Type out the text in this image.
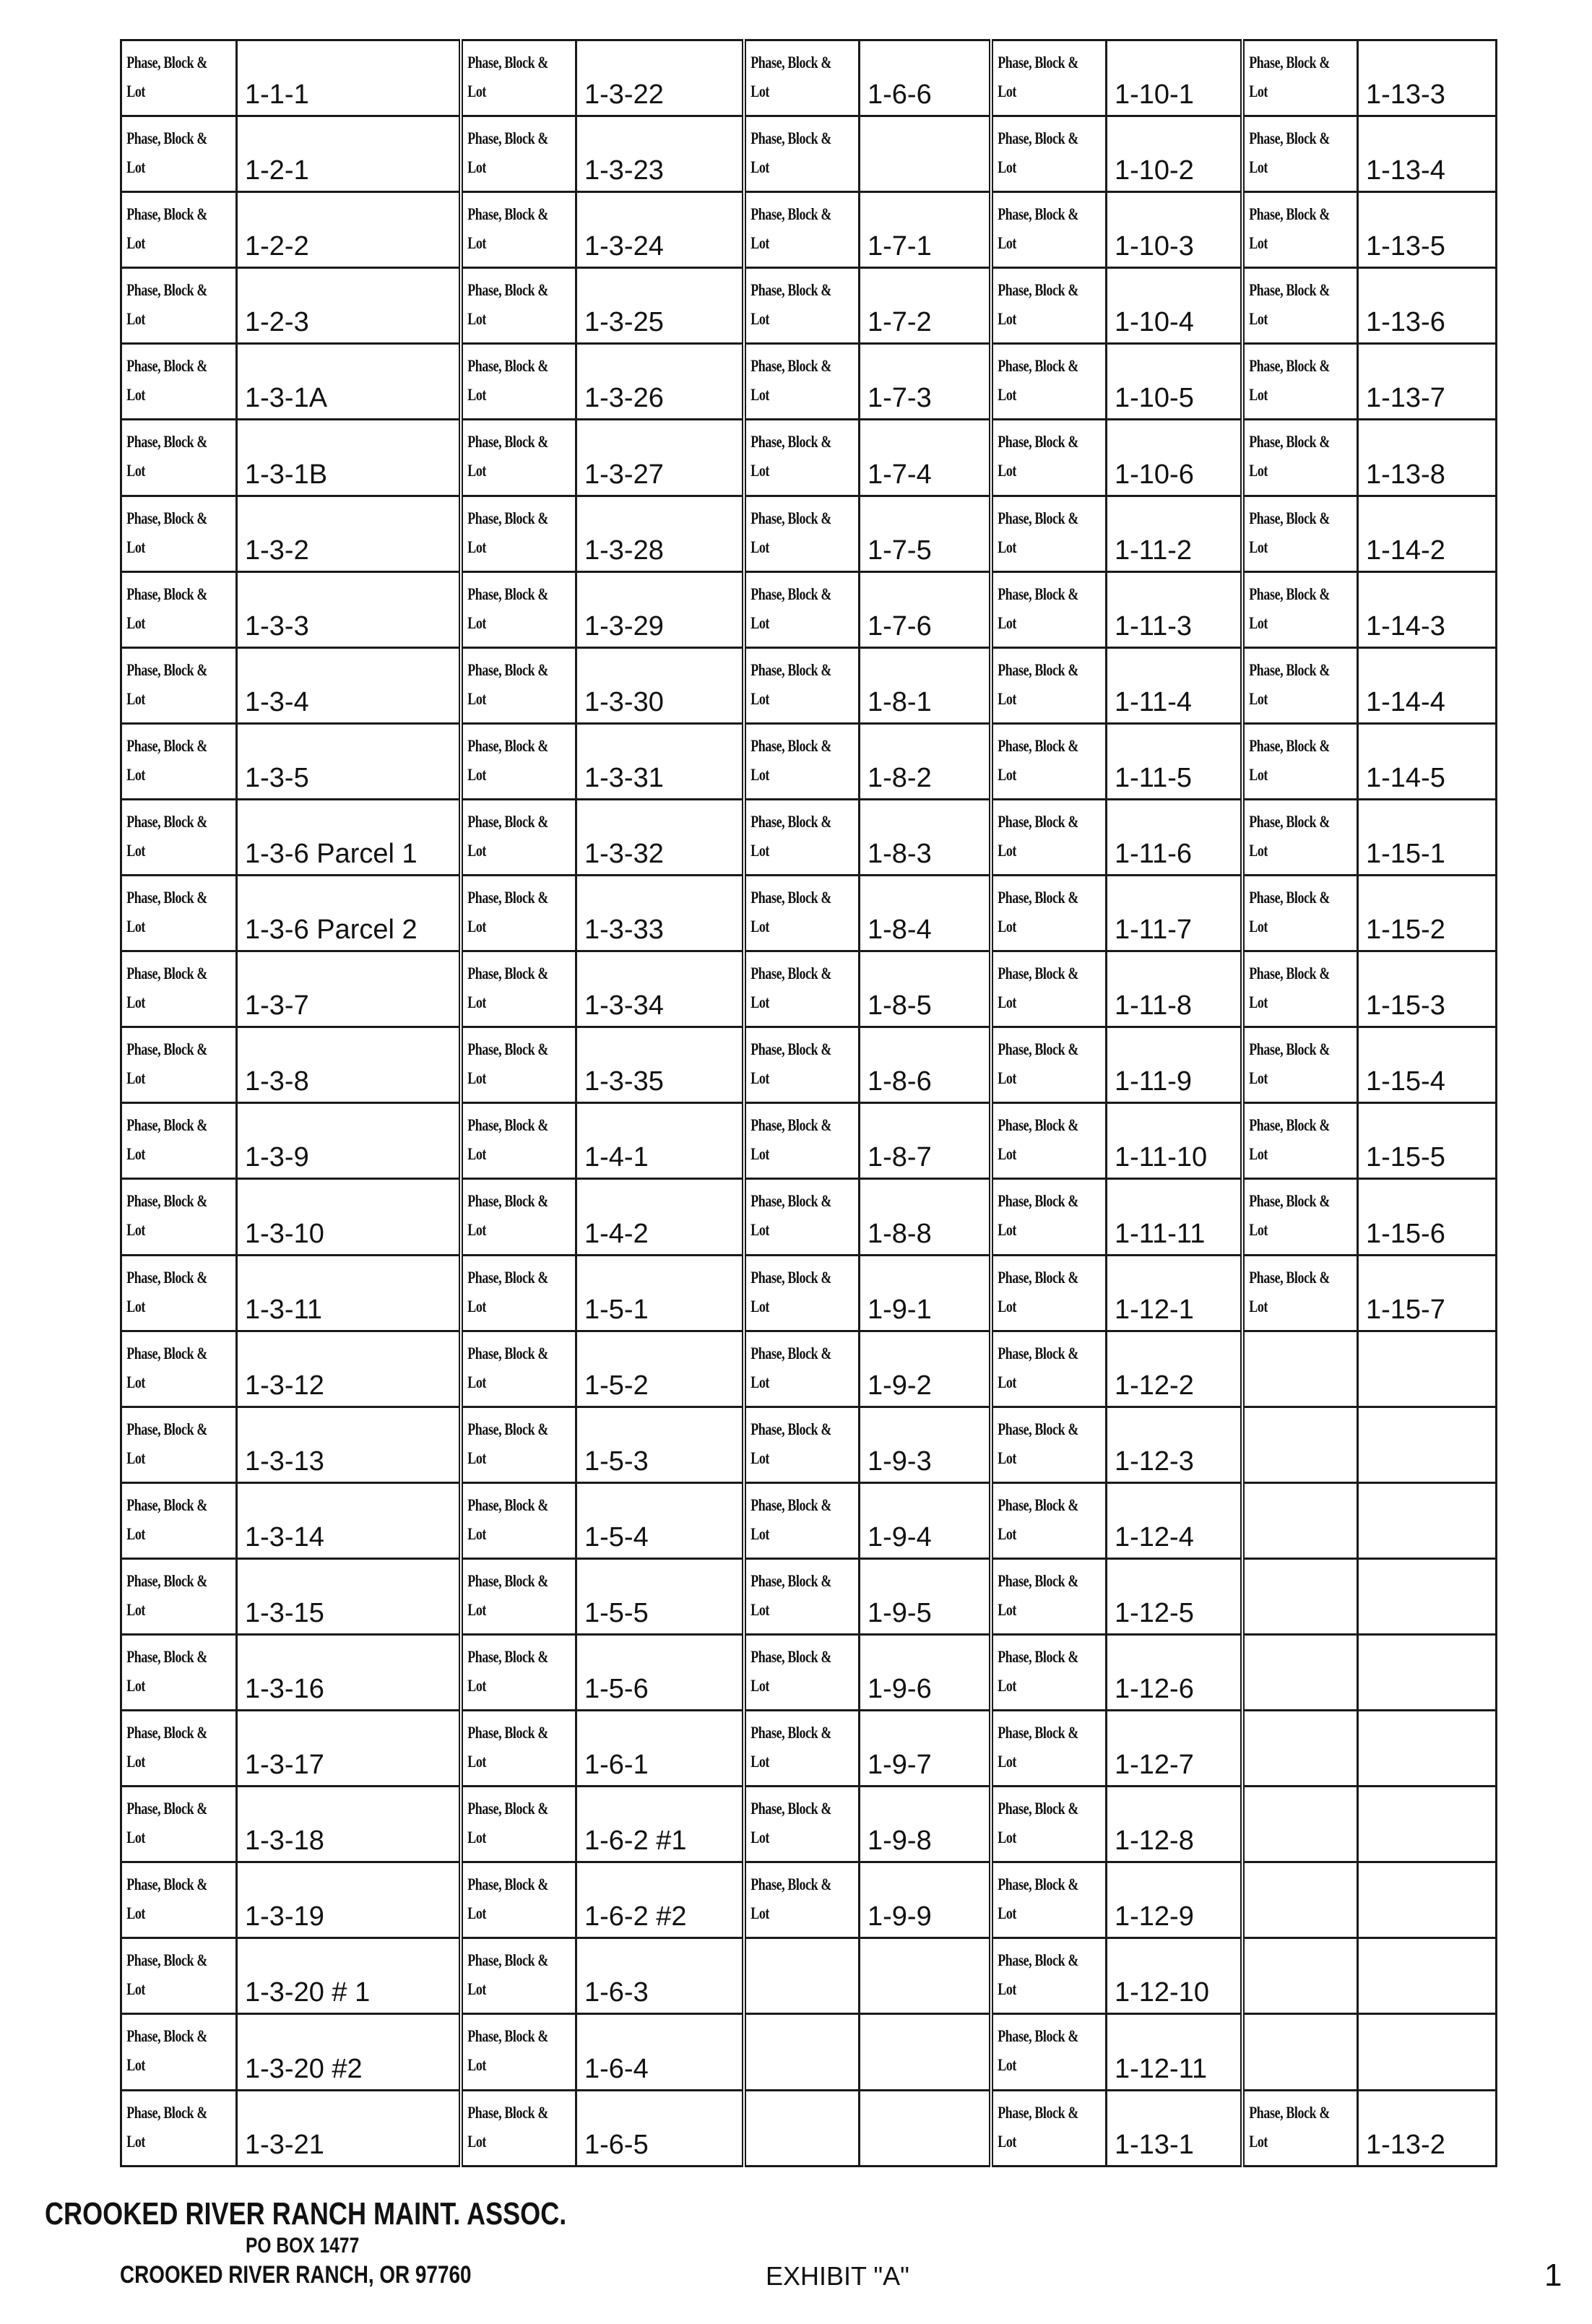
Phase, Block & Lot	1-1-1	Phase, Block & Lot	1-3-22	Phase, Block & Lot	1-6-6	Phase, Block & Lot	1-10-1	Phase, Block & Lot	1-13-3

Phase, Block & Lot	1-2-1	Phase, Block & Lot	1-3-23	Phase, Block & Lot		Phase, Block & Lot	1-10-2	Phase, Block & Lot	1-13-4

Phase, Block & Lot	1-2-2	Phase, Block & Lot	1-3-24	Phase, Block & Lot	1-7-1	Phase, Block & Lot	1-10-3	Phase, Block & Lot	1-13-5

Phase, Block & Lot	1-2-3	Phase, Block & Lot	1-3-25	Phase, Block & Lot	1-7-2	Phase, Block & Lot	1-10-4	Phase, Block & Lot	1-13-6

Phase, Block & Lot	1-3-1A	Phase, Block & Lot	1-3-26	Phase, Block & Lot	1-7-3	Phase, Block & Lot	1-10-5	Phase, Block & Lot	1-13-7

Phase, Block & Lot	1-3-1B	Phase, Block & Lot	1-3-27	Phase, Block & Lot	1-7-4	Phase, Block & Lot	1-10-6	Phase, Block & Lot	1-13-8

Phase, Block & Lot	1-3-2	Phase, Block & Lot	1-3-28	Phase, Block & Lot	1-7-5	Phase, Block & Lot	1-11-2	Phase, Block & Lot	1-14-2

Phase, Block & Lot	1-3-3	Phase, Block & Lot	1-3-29	Phase, Block & Lot	1-7-6	Phase, Block & Lot	1-11-3	Phase, Block & Lot	1-14-3

Phase, Block & Lot	1-3-4	Phase, Block & Lot	1-3-30	Phase, Block & Lot	1-8-1	Phase, Block & Lot	1-11-4	Phase, Block & Lot	1-14-4

Phase, Block & Lot	1-3-5	Phase, Block & Lot	1-3-31	Phase, Block & Lot	1-8-2	Phase, Block & Lot	1-11-5	Phase, Block & Lot	1-14-5

Phase, Block & Lot	1-3-6 Parcel 1	Phase, Block & Lot	1-3-32	Phase, Block & Lot	1-8-3	Phase, Block & Lot	1-11-6	Phase, Block & Lot	1-15-1

Phase, Block & Lot	1-3-6 Parcel 2	Phase, Block & Lot	1-3-33	Phase, Block & Lot	1-8-4	Phase, Block & Lot	1-11-7	Phase, Block & Lot	1-15-2

Phase, Block & Lot	1-3-7	Phase, Block & Lot	1-3-34	Phase, Block & Lot	1-8-5	Phase, Block & Lot	1-11-8	Phase, Block & Lot	1-15-3

Phase, Block & Lot	1-3-8	Phase, Block & Lot	1-3-35	Phase, Block & Lot	1-8-6	Phase, Block & Lot	1-11-9	Phase, Block & Lot	1-15-4

Phase, Block & Lot	1-3-9	Phase, Block & Lot	1-4-1	Phase, Block & Lot	1-8-7	Phase, Block & Lot	1-11-10	Phase, Block & Lot	1-15-5

Phase, Block & Lot	1-3-10	Phase, Block & Lot	1-4-2	Phase, Block & Lot	1-8-8	Phase, Block & Lot	1-11-11	Phase, Block & Lot	1-15-6

Phase, Block & Lot	1-3-11	Phase, Block & Lot	1-5-1	Phase, Block & Lot	1-9-1	Phase, Block & Lot	1-12-1	Phase, Block & Lot	1-15-7

Phase, Block & Lot	1-3-12	Phase, Block & Lot	1-5-2	Phase, Block & Lot	1-9-2	Phase, Block & Lot	1-12-2		

Phase, Block & Lot	1-3-13	Phase, Block & Lot	1-5-3	Phase, Block & Lot	1-9-3	Phase, Block & Lot	1-12-3		

Phase, Block & Lot	1-3-14	Phase, Block & Lot	1-5-4	Phase, Block & Lot	1-9-4	Phase, Block & Lot	1-12-4		

Phase, Block & Lot	1-3-15	Phase, Block & Lot	1-5-5	Phase, Block & Lot	1-9-5	Phase, Block & Lot	1-12-5		

Phase, Block & Lot	1-3-16	Phase, Block & Lot	1-5-6	Phase, Block & Lot	1-9-6	Phase, Block & Lot	1-12-6		

Phase, Block & Lot	1-3-17	Phase, Block & Lot	1-6-1	Phase, Block & Lot	1-9-7	Phase, Block & Lot	1-12-7		

Phase, Block & Lot	1-3-18	Phase, Block & Lot	1-6-2 #1	Phase, Block & Lot	1-9-8	Phase, Block & Lot	1-12-8		

Phase, Block & Lot	1-3-19	Phase, Block & Lot	1-6-2 #2	Phase, Block & Lot	1-9-9	Phase, Block & Lot	1-12-9		

Phase, Block & Lot	1-3-20 # 1	Phase, Block & Lot	1-6-3			Phase, Block & Lot	1-12-10		

Phase, Block & Lot	1-3-20 #2	Phase, Block & Lot	1-6-4			Phase, Block & Lot	1-12-11		

Phase, Block & Lot	1-3-21	Phase, Block & Lot	1-6-5			Phase, Block & Lot	1-13-1	Phase, Block & Lot	1-13-2
CROOKED RIVER RANCH MAINT. ASSOC.
PO BOX 1477
CROOKED RIVER RANCH, OR 97760	EXHIBIT "A"	1
